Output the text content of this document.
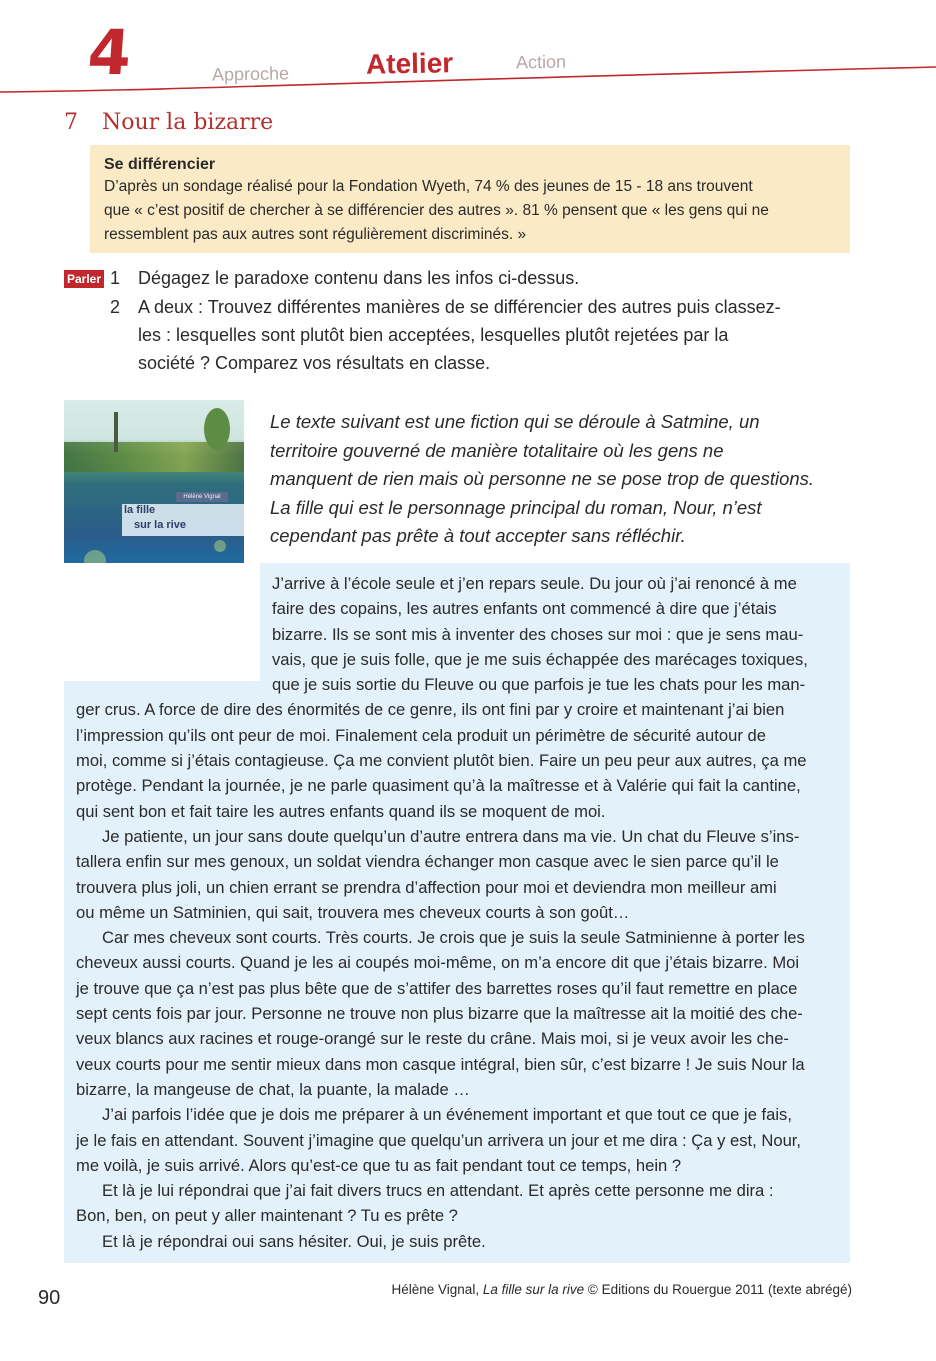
4	Approche	Atelier	Action
7 Nour la bizarre
Se différencier
D’après un sondage réalisé pour la Fondation Wyeth, 74 % des jeunes de 15 - 18 ans trouvent
que « c’est positif de chercher à se différencier des autres ». 81 % pensent que « les gens qui ne
ressemblent pas aux autres sont régulièrement discriminés. »
Parler 1 Dégagez le paradoxe contenu dans les infos ci-dessus.
2 A deux : Trouvez différentes manières de se différencier des autres puis classez-
les : lesquelles sont plutôt bien acceptées, lesquelles plutôt rejetées par la
société ? Comparez vos résultats en classe.
Hélène Vignal
la fille
sur la rive
Le texte suivant est une fiction qui se déroule à Satmine, un
territoire gouverné de manière totalitaire où les gens ne
manquent de rien mais où personne ne se pose trop de questions.
La fille qui est le personnage principal du roman, Nour, n’est
cependant pas prête à tout accepter sans réfléchir.
J’arrive à l’école seule et j’en repars seule. Du jour où j’ai renoncé à me
faire des copains, les autres enfants ont commencé à dire que j’étais
bizarre. Ils se sont mis à inventer des choses sur moi : que je sens mau-
vais, que je suis folle, que je me suis échappée des marécages toxiques,
que je suis sortie du Fleuve ou que parfois je tue les chats pour les man-
ger crus. A force de dire des énormités de ce genre, ils ont fini par y croire et maintenant j’ai bien
l’impression qu’ils ont peur de moi. Finalement cela produit un périmètre de sécurité autour de
moi, comme si j’étais contagieuse. Ça me convient plutôt bien. Faire un peu peur aux autres, ça me
protège. Pendant la journée, je ne parle quasiment qu’à la maîtresse et à Valérie qui fait la cantine,
qui sent bon et fait taire les autres enfants quand ils se moquent de moi.
Je patiente, un jour sans doute quelqu’un d’autre entrera dans ma vie. Un chat du Fleuve s’ins-
tallera enfin sur mes genoux, un soldat viendra échanger mon casque avec le sien parce qu’il le
trouvera plus joli, un chien errant se prendra d’affection pour moi et deviendra mon meilleur ami
ou même un Satminien, qui sait, trouvera mes cheveux courts à son goût…
Car mes cheveux sont courts. Très courts. Je crois que je suis la seule Satminienne à porter les
cheveux aussi courts. Quand je les ai coupés moi-même, on m’a encore dit que j’étais bizarre. Moi
je trouve que ça n’est pas plus bête que de s’attifer des barrettes roses qu’il faut remettre en place
sept cents fois par jour. Personne ne trouve non plus bizarre que la maîtresse ait la moitié des che-
veux blancs aux racines et rouge-orangé sur le reste du crâne. Mais moi, si je veux avoir les che-
veux courts pour me sentir mieux dans mon casque intégral, bien sûr, c’est bizarre ! Je suis Nour la
bizarre, la mangeuse de chat, la puante, la malade …
J’ai parfois l’idée que je dois me préparer à un événement important et que tout ce que je fais,
je le fais en attendant. Souvent j’imagine que quelqu’un arrivera un jour et me dira : Ça y est, Nour,
me voilà, je suis arrivé. Alors qu’est-ce que tu as fait pendant tout ce temps, hein ?
Et là je lui répondrai que j’ai fait divers trucs en attendant. Et après cette personne me dira :
Bon, ben, on peut y aller maintenant ? Tu es prête ?
Et là je répondrai oui sans hésiter. Oui, je suis prête.
90	Hélène Vignal, La fille sur la rive © Editions du Rouergue 2011 (texte abrégé)
